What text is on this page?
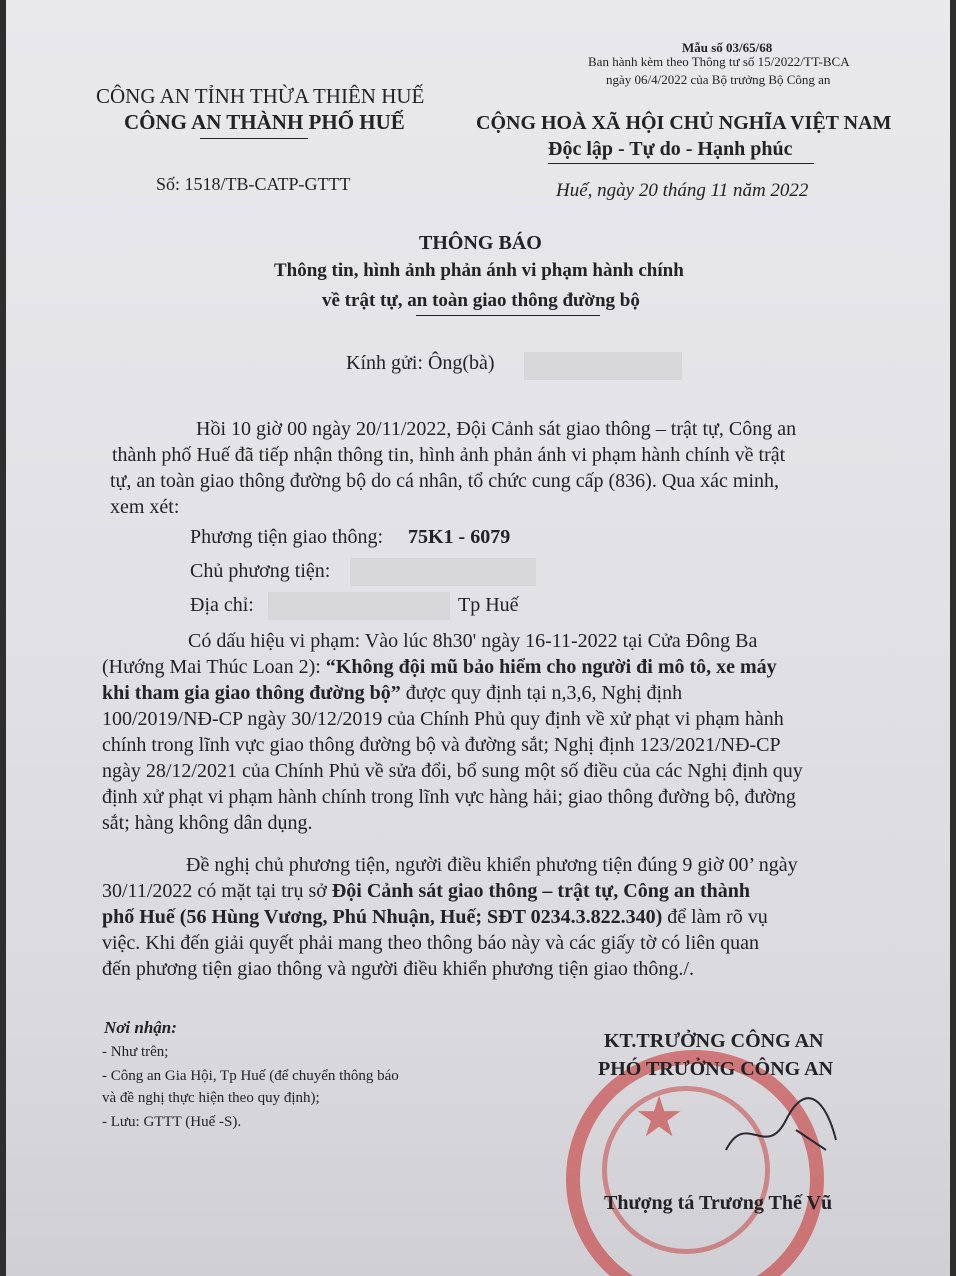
Mẫu số 03/65/68
Ban hành kèm theo Thông tư số 15/2022/TT-BCA
ngày 06/4/2022 của Bộ trưởng Bộ Công an
CÔNG AN TỈNH THỪA THIÊN HUẾ
CÔNG AN THÀNH PHỐ HUẾ
Số: 1518/TB-CATP-GTTT
CỘNG HOÀ XÃ HỘI CHỦ NGHĨA VIỆT NAM
Độc lập - Tự do - Hạnh phúc
Huế, ngày 20 tháng 11 năm 2022
THÔNG BÁO
Thông tin, hình ảnh phản ánh vi phạm hành chính
về trật tự, an toàn giao thông đường bộ
Kính gửi: Ông(bà)
Hồi 10 giờ 00 ngày 20/11/2022, Đội Cảnh sát giao thông – trật tự, Công an
thành phố Huế đã tiếp nhận thông tin, hình ảnh phản ánh vi phạm hành chính về trật
tự, an toàn giao thông đường bộ do cá nhân, tổ chức cung cấp (836). Qua xác minh,
xem xét:
Phương tiện giao thông: 75K1 - 6079
Chủ phương tiện:
Địa chỉ:	Tp Huế
Có dấu hiệu vi phạm: Vào lúc 8h30' ngày 16-11-2022 tại Cửa Đông Ba
(Hướng Mai Thúc Loan 2): “Không đội mũ bảo hiểm cho người đi mô tô, xe máy
khi tham gia giao thông đường bộ” được quy định tại n,3,6, Nghị định
100/2019/NĐ-CP ngày 30/12/2019 của Chính Phủ quy định về xử phạt vi phạm hành
chính trong lĩnh vực giao thông đường bộ và đường sắt; Nghị định 123/2021/NĐ-CP
ngày 28/12/2021 của Chính Phủ về sửa đổi, bổ sung một số điều của các Nghị định quy
định xử phạt vi phạm hành chính trong lĩnh vực hàng hải; giao thông đường bộ, đường
sắt; hàng không dân dụng.
Đề nghị chủ phương tiện, người điều khiển phương tiện đúng 9 giờ 00’ ngày
30/11/2022 có mặt tại trụ sở Đội Cảnh sát giao thông – trật tự, Công an thành
phố Huế (56 Hùng Vương, Phú Nhuận, Huế; SĐT 0234.3.822.340) để làm rõ vụ
việc. Khi đến giải quyết phải mang theo thông báo này và các giấy tờ có liên quan
đến phương tiện giao thông và người điều khiển phương tiện giao thông./.
Nơi nhận:
- Như trên;
- Công an Gia Hội, Tp Huế (để chuyển thông báo
và đề nghị thực hiện theo quy định);
- Lưu: GTTT (Huế -S).	★
KT.TRƯỞNG CÔNG AN
PHÓ TRƯỞNG CÔNG AN
Thượng tá Trương Thế Vũ
